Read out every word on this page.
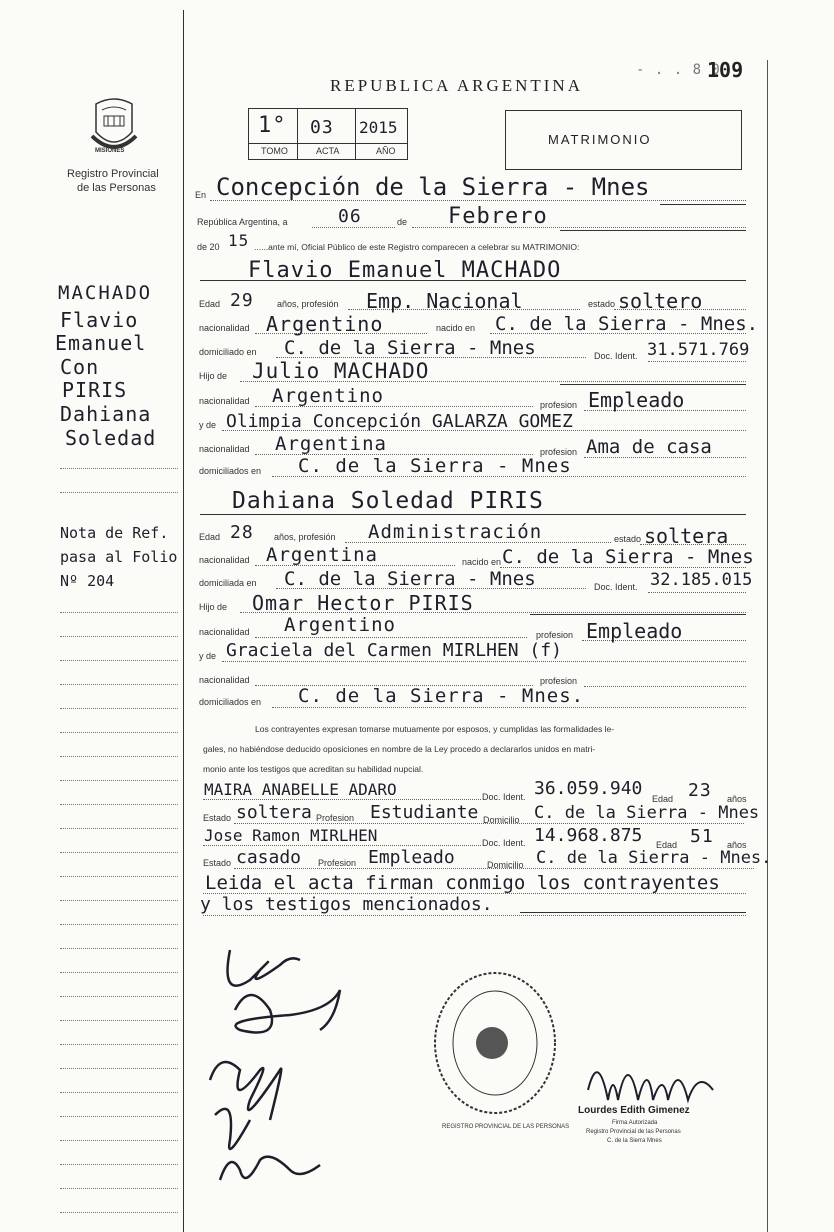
- . . 8 0
109
REPUBLICA ARGENTINA
MISIONES
Registro Provincial
de las Personas
1° 03 2015
TOMO	ACTA	AÑO
MATRIMONIO
MACHADO
Flavio
Emanuel
Con
PIRIS
Dahiana
Soledad
Nota de Ref.
pasa al Folio
Nº 204
En Concepción de la Sierra - Mnes
República Argentina, a	06	de Febrero
de 20 15 ......ante mí, Oficial Público de este Registro comparecen a celebrar su MATRIMONIO:
Flavio Emanuel MACHADO
Edad 29	años, profesión Emp. Nacional	estado soltero
nacionalidad Argentino	nacido en C. de la Sierra - Mnes.
domiciliado en C. de la Sierra - Mnes	Doc. Ident. 31.571.769
Hijo de Julio MACHADO
nacionalidad Argentino	profesion Empleado
y de Olimpia Concepción GALARZA GOMEZ
nacionalidad Argentina	profesion Ama de casa
domiciliados en C. de la Sierra - Mnes
Dahiana Soledad PIRIS
Edad 28 años, profesión Administración	estado soltera
nacionalidad Argentina	nacido en C. de la Sierra - Mnes
domiciliada en C. de la Sierra - Mnes	Doc. Ident. 32.185.015
Hijo de Omar Hector PIRIS
nacionalidad Argentino	profesion Empleado
y de Graciela del Carmen MIRLHEN (f)
nacionalidad	profesion
domiciliados en C. de la Sierra - Mnes.
Los contrayentes expresan tomarse mutuamente por esposos, y cumplidas las formalidades le-
gales, no habiéndose deducido oposiciones en nombre de la Ley procedo a declararlos unidos en matri-
monio ante los testigos que acreditan su habilidad nupcial.
MAIRA ANABELLE ADARO	Doc. Ident. 36.059.940 Edad 23 años
Estado soltera Profesion Estudiante Domicilio C. de la Sierra - Mnes
Jose Ramon MIRLHEN	Doc. Ident. 14.968.875 Edad 51 años
Estado casado Profesion Empleado	Domicilio C. de la Sierra - Mnes.
Leida el acta firman conmigo los contrayentes
y los testigos mencionados.
REGISTRO PROVINCIAL DE LAS PERSONAS
Lourdes Edith Gimenez
Firma Autorizada
Registro Provincial de las Personas
C. de la Sierra Mnes
